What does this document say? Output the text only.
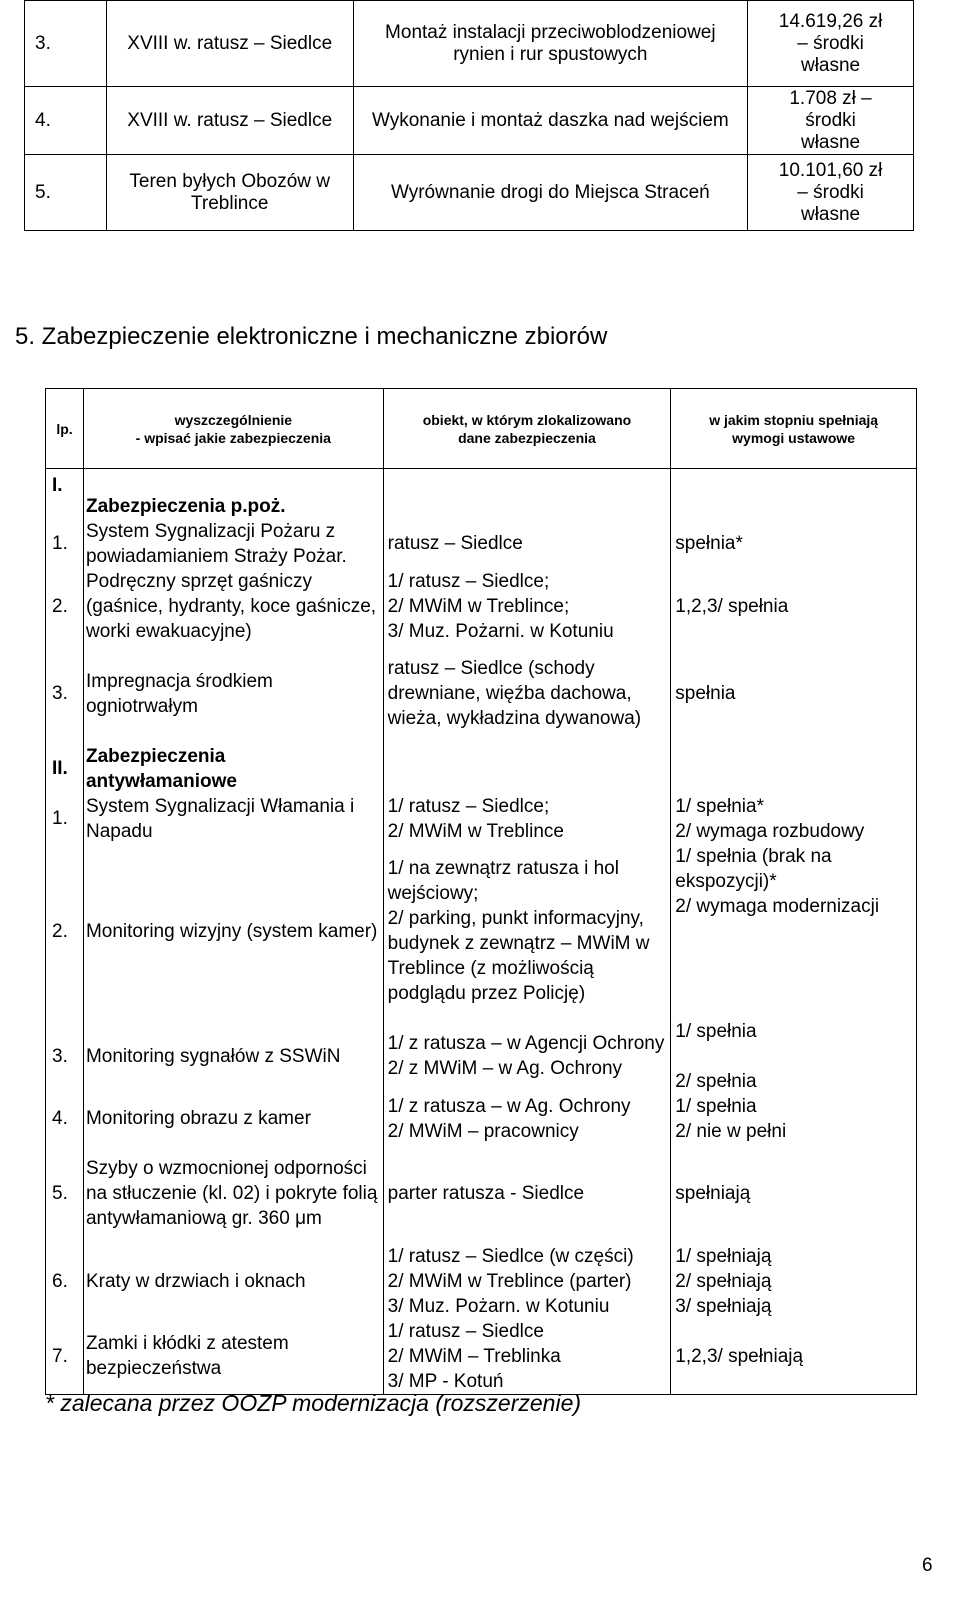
3.	XVIII w. ratusz – Siedlce	Montaż instalacji przeciwoblodzeniowej rynien i rur spustowych	14.619,26 zł
– środki
własne
4.	XVIII w. ratusz – Siedlce	Wykonanie i montaż daszka nad wejściem	1.708 zł –
środki
własne
5.	Teren byłych Obozów w Treblince	Wyrównanie drogi do Miejsca Straceń	10.101,60 zł
– środki
własne
5. Zabezpieczenie elektroniczne i mechaniczne zbiorów
lp.	wyszczególnienie
- wpisać jakie zabezpieczenia	obiekt, w którym zlokalizowano
dane zabezpieczenia	w jakim stopniu spełniają
wymogi ustawowe
I.	Zabezpieczenia p.poż.		
1.	System Sygnalizacji Pożaru z powiadamianiem Straży Pożar.	ratusz – Siedlce	spełnia*
2.	Podręczny sprzęt gaśniczy (gaśnice, hydranty, koce gaśnicze, worki ewakuacyjne)	1/ ratusz – Siedlce;
2/ MWiM w Treblince;
3/ Muz. Pożarni. w Kotuniu	1,2,3/ spełnia
3.	Impregnacja środkiem ogniotrwałym	ratusz – Siedlce (schody drewniane, więźba dachowa, wieża, wykładzina dywanowa)	spełnia
II.	Zabezpieczenia antywłamaniowe		
1.	System Sygnalizacji Włamania i Napadu	1/ ratusz – Siedlce;
2/ MWiM w Treblince	1/ spełnia*
2/ wymaga rozbudowy
2.	Monitoring wizyjny (system kamer)	1/ na zewnątrz ratusza i hol wejściowy;
2/ parking, punkt informacyjny, budynek z zewnątrz – MWiM w Treblince (z możliwością podglądu przez Policję)	1/ spełnia (brak na ekspozycji)*
2/ wymaga modernizacji
3.	Monitoring sygnałów z SSWiN	1/ z ratusza – w Agencji Ochrony
2/ z MWiM – w Ag. Ochrony	1/ spełnia

2/ spełnia
4.	Monitoring obrazu z kamer	1/ z ratusza – w Ag. Ochrony
2/ MWiM – pracownicy	1/ spełnia
2/ nie w pełni
5.	Szyby o wzmocnionej odporności na stłuczenie (kl. 02) i pokryte folią antywłamaniową gr. 360 μm	parter ratusza - Siedlce	spełniają
6.	Kraty w drzwiach i oknach	1/ ratusz – Siedlce (w części)
2/ MWiM w Treblince (parter)
3/ Muz. Pożarn. w Kotuniu	1/ spełniają
2/ spełniają
3/ spełniają
7.	Zamki i kłódki z atestem bezpieczeństwa	1/ ratusz – Siedlce
2/ MWiM – Treblinka
3/ MP - Kotuń	1,2,3/ spełniają

* zalecana przez OOZP modernizacja (rozszerzenie)

6
